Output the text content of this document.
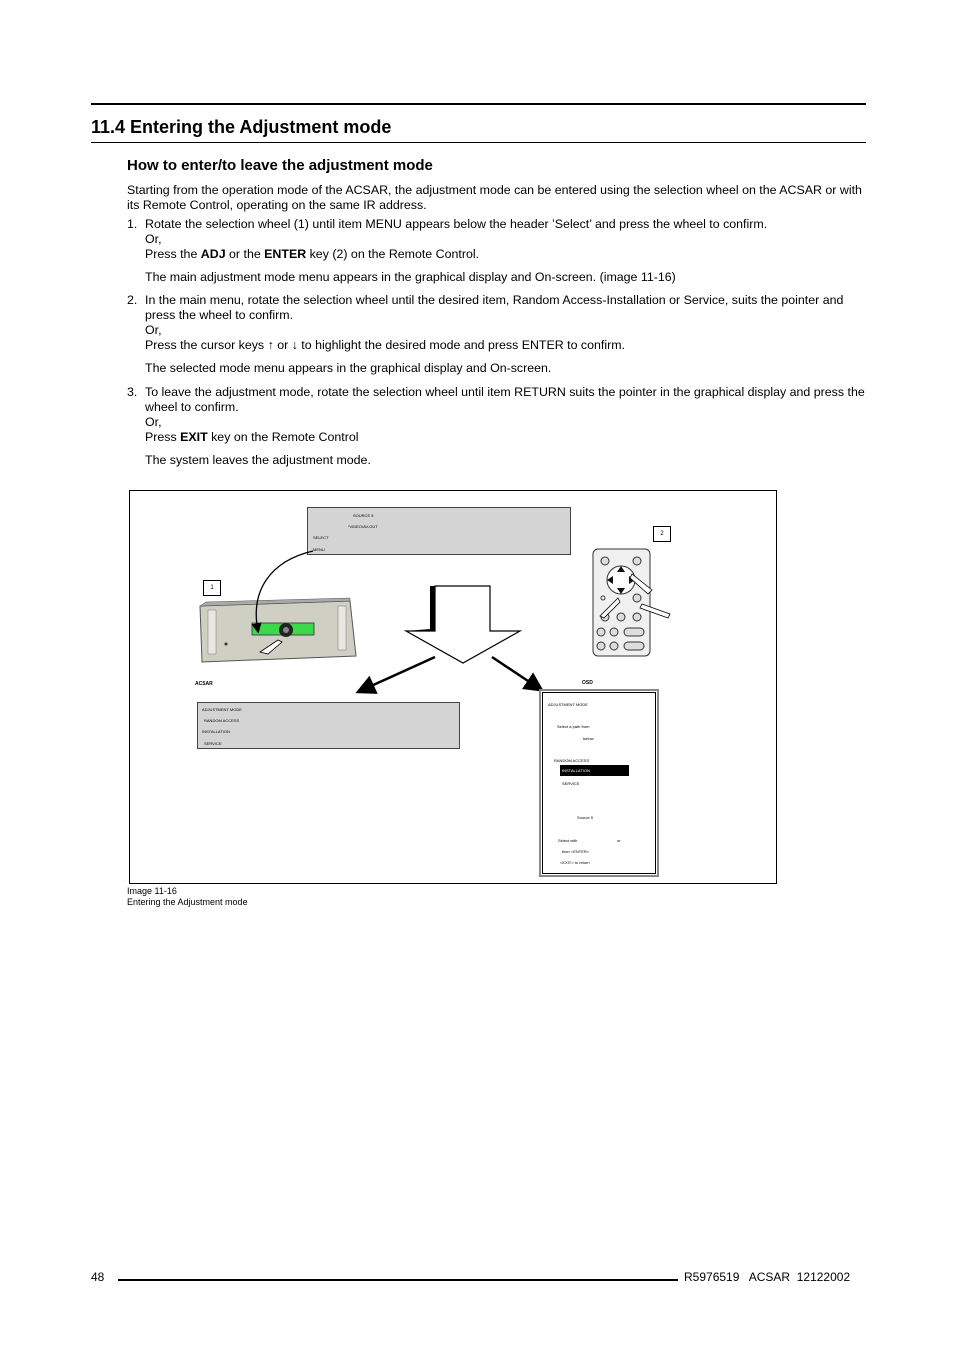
11.4 Entering the Adjustment mode
How to enter/to leave the adjustment mode

Starting from the operation mode of the ACSAR, the adjustment mode can be entered using the selection wheel on the ACSAR or with its Remote Control, operating on the same IR address.

1. Rotate the selection wheel (1) until item MENU appears below the header ’Select’ and press the wheel to confirm.

Or,

Press the ADJ or the ENTER key (2) on the Remote Control.

The main adjustment mode menu appears in the graphical display and On-screen. (image 11-16)

2. In the main menu, rotate the selection wheel until the desired item, Random Access-Installation or Service, suits the pointer and press the wheel to confirm.

Or,

Press the cursor keys ↑ or ↓ to highlight the desired mode and press ENTER to confirm.

The selected mode menu appears in the graphical display and On-screen.

3. To leave the adjustment mode, rotate the selection wheel until item RETURN suits the pointer in the graphical display and press the wheel to confirm.

Or,

Press EXIT key on the Remote Control

The system leaves the adjustment mode.

SOURCE 5
*VIDEO/AV-OUT
SELECT
MENU
1
2
ACSAR	OSD
ADJUSTMENT MODE
RANDOM ACCESS
INSTALLATION
SERVICE
ADJUSTMENT MODE
Select a path from
below
RANDOM ACCESS
INSTALLATION
SERVICE
Source 5
Select with	or
then <ENTER>
<EXIT> to return
Image 11-16
Entering the Adjustment mode
48	R5976519   ACSAR  12122002
